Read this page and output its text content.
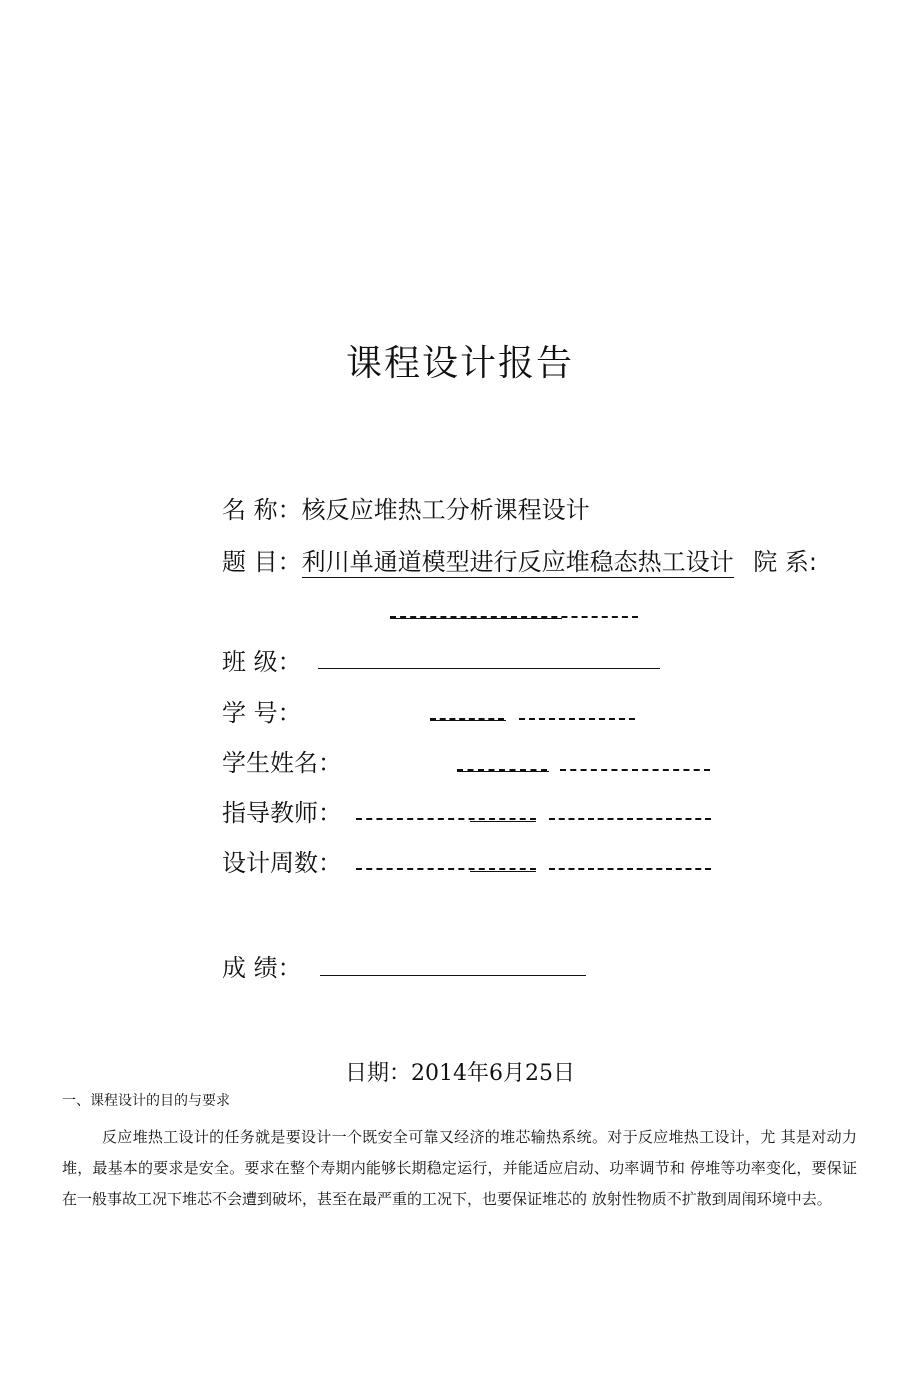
课程设计报告
名 称：核反应堆热工分析课程设计
题 目：利川单通道模型进行反应堆稳态热工设计 院 系:
班 级：
学 号：

学生姓名：

指导教师：

设计周数：

成 绩：
日期：2014年6月25日
一、课程设计的目的与要求
反应堆热工设计的任务就是要设计一个既安全可靠又经济的堆芯输热系统。对于反应堆热工设计，尤 其是对动力堆，最基本的要求是安全。要求在整个寿期内能够长期稳定运行，并能适应启动、功率调节和 停堆等功率变化，要保证在一般事故工况下堆芯不会遭到破坏，甚至在最严重的工况下，也要保证堆芯的 放射性物质不扩散到周闱环境中去。
